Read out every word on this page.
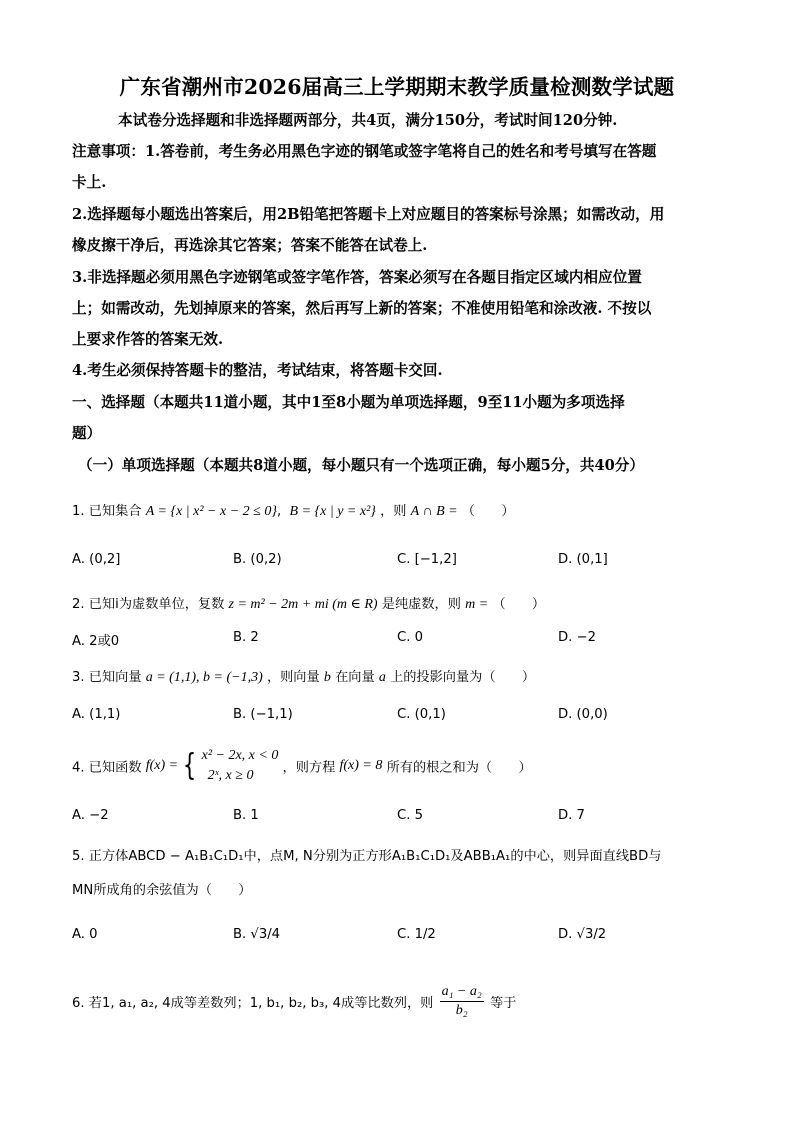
广东省潮州市2026届高三上学期期末教学质量检测数学试题
本试卷分选择题和非选择题两部分，共4页，满分150分，考试时间120分钟.
注意事项：1.答卷前，考生务必用黑色字迹的钢笔或签字笔将自己的姓名和考号填写在答题
卡上.
2.选择题每小题选出答案后，用2B铅笔把答题卡上对应题目的答案标号涂黑；如需改动，用
橡皮擦干净后，再选涂其它答案；答案不能答在试卷上.
3.非选择题必须用黑色字迹钢笔或签字笔作答，答案必须写在各题目指定区域内相应位置
上；如需改动，先划掉原来的答案，然后再写上新的答案；不准使用铅笔和涂改液. 不按以
上要求作答的答案无效.
4.考生必须保持答题卡的整洁，考试结束，将答题卡交回.
一、选择题（本题共11道小题，其中1至8小题为单项选择题，9至11小题为多项选择
题）
（一）单项选择题（本题共8道小题，每小题只有一个选项正确，每小题5分，共40分）
1. 已知集合 A = {x | x² − x − 2 ≤ 0},  B = {x | y = x²} ，则 A ∩ B = （　　）
A. (0,2]	B. (0,2)	C. [−1,2]	D. (0,1]
2. 已知i为虚数单位，复数 z = m² − 2m + mi (m ∈ R) 是纯虚数，则 m = （　　）
A. 2或0	B. 2	C. 0	D. −2
3. 已知向量 a = (1,1), b = (−1,3) ，则向量 b 在向量 a 上的投影向量为（　　）
A. (1,1)	B. (−1,1)	C. (0,1)	D. (0,0)
4. 已知函数 f(x) = { x² − 2x, x < 0
2ˣ, x ≥ 0	，则方程 f(x) = 8 所有的根之和为（　　）
A. −2	B. 1	C. 5	D. 7
5. 正方体ABCD − A₁B₁C₁D₁中，点M, N分别为正方形A₁B₁C₁D₁及ABB₁A₁的中心，则异面直线BD与
MN所成角的余弦值为（　　）
A. 0	B. √3/4	C. 1/2	D. √3/2
6. 若1, a₁, a₂, 4成等差数列；1, b₁, b₂, b₃, 4成等比数列，则 $\frac{\text{a₁ − a₂}}{\text{b₂}}$ 等于
